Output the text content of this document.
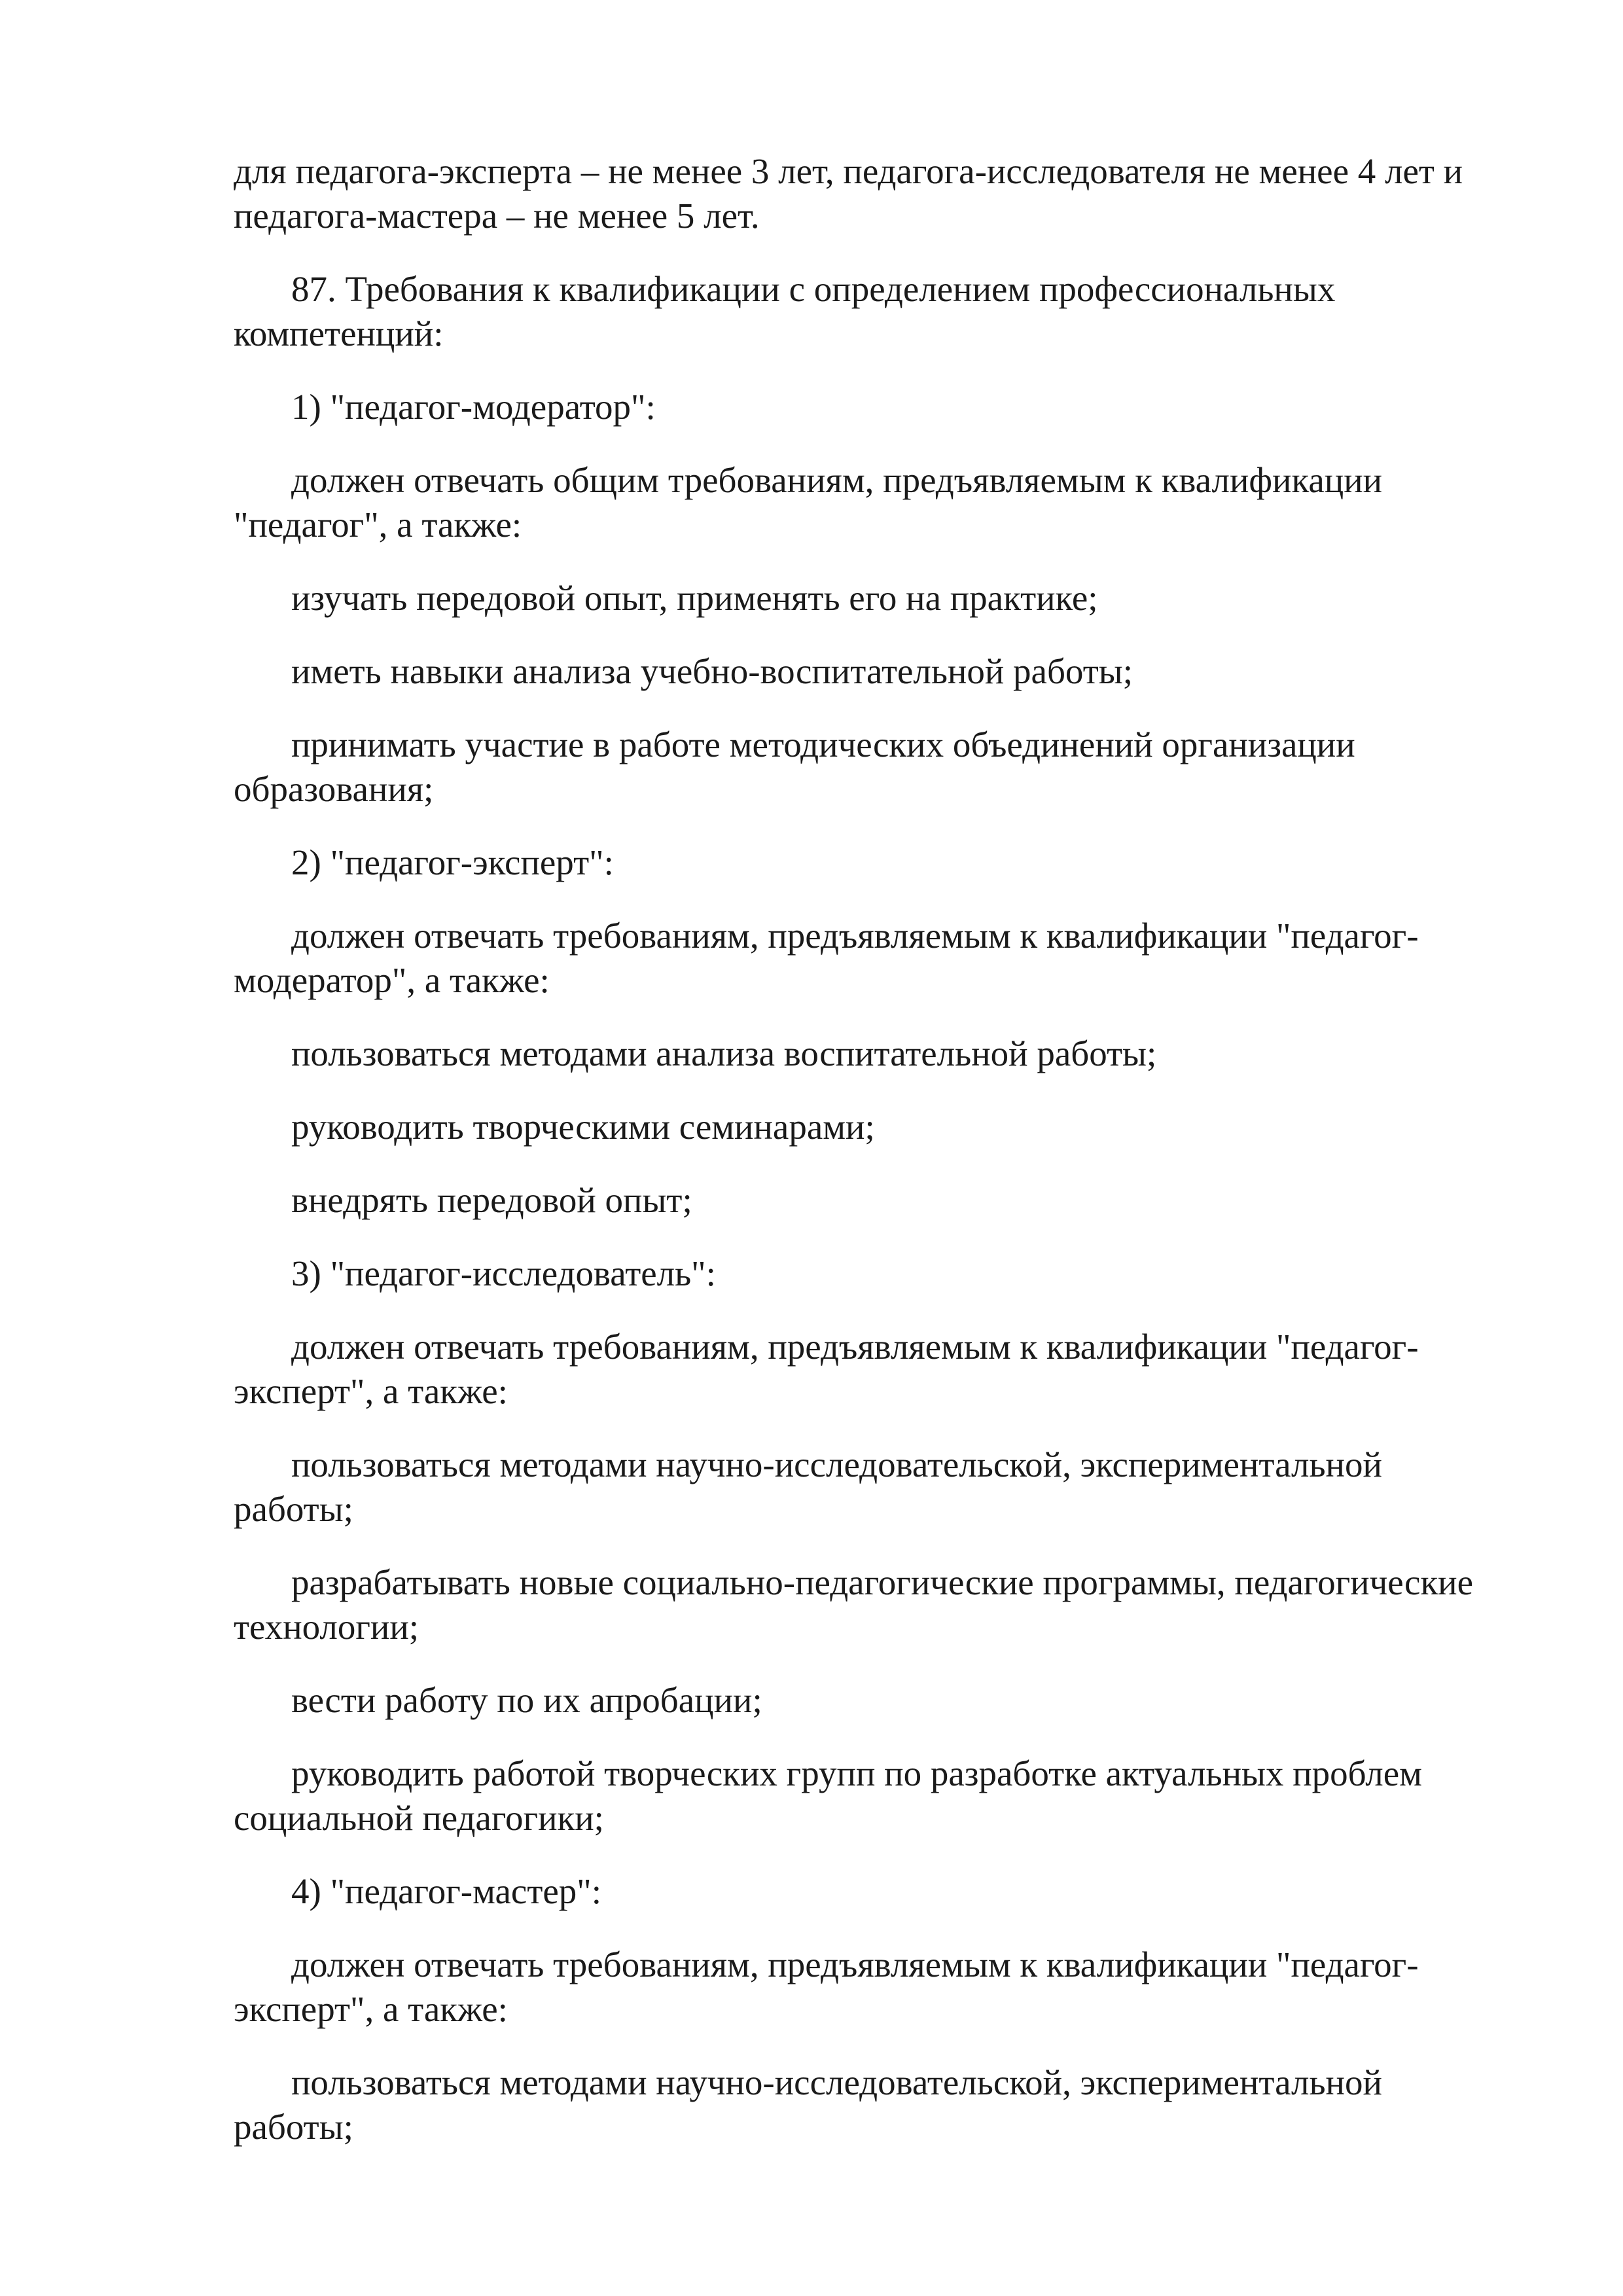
для педагога-эксперта – не менее 3 лет, педагога-исследователя не менее 4 лет и педагога-мастера – не менее 5 лет.

87. Требования к квалификации с определением профессиональных компетенций:

1) "педагог-модератор":

должен отвечать общим требованиям, предъявляемым к квалификации "педагог", а также:

изучать передовой опыт, применять его на практике;

иметь навыки анализа учебно-воспитательной работы;

принимать участие в работе методических объединений организации образования;

2) "педагог-эксперт":

должен отвечать требованиям, предъявляемым к квалификации "педагог-модератор", а также:

пользоваться методами анализа воспитательной работы;

руководить творческими семинарами;

внедрять передовой опыт;

3) "педагог-исследователь":

должен отвечать требованиям, предъявляемым к квалификации "педагог-эксперт", а также:

пользоваться методами научно-исследовательской, экспериментальной работы;

разрабатывать новые социально-педагогические программы, педагогические технологии;

вести работу по их апробации;

руководить работой творческих групп по разработке актуальных проблем социальной педагогики;

4) "педагог-мастер":

должен отвечать требованиям, предъявляемым к квалификации "педагог-эксперт", а также:

пользоваться методами научно-исследовательской, экспериментальной работы;
